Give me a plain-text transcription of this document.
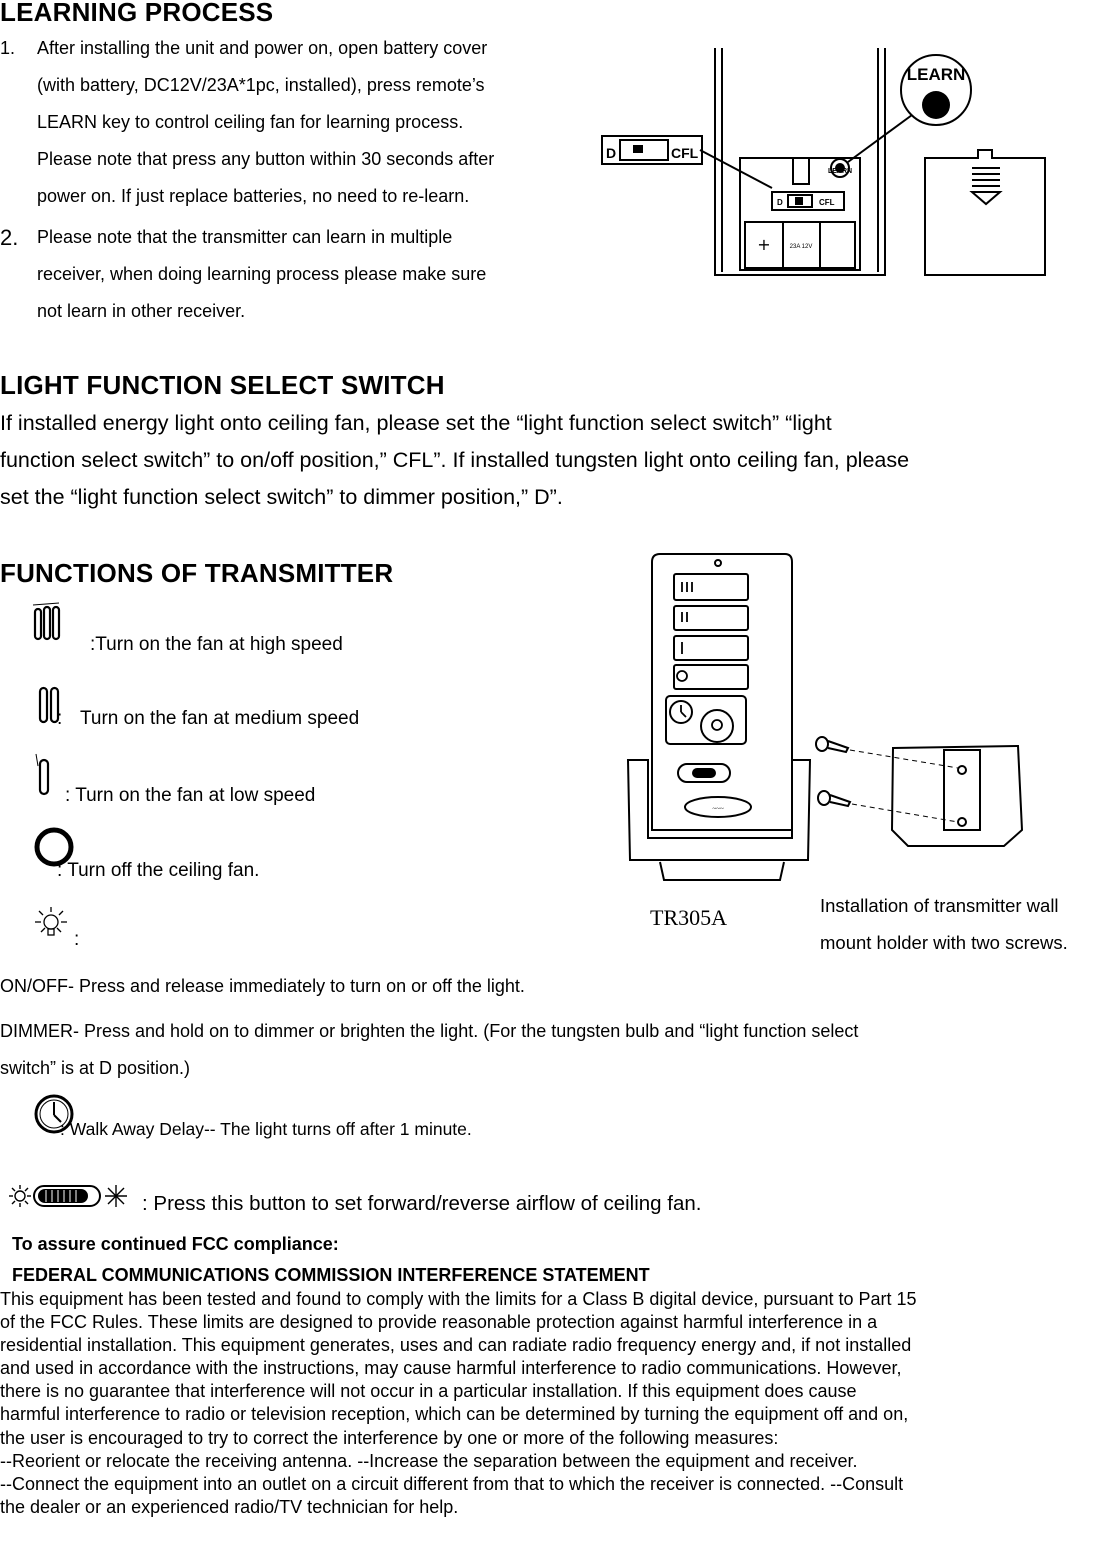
LEARNING PROCESS
1. After installing the unit and power on, open battery cover
(with battery, DC12V/23A*1pc, installed), press remote’s
LEARN key to control ceiling fan for learning process.
Please note that press any button within 30 seconds after
power on. If just replace batteries, no need to re-learn.
2. Please note that the transmitter can learn in multiple
receiver, when doing learning process please make sure
not learn in other receiver.
LEARN
LEARN
D	CFL
D	CFL
23A 12V
+
LIGHT FUNCTION SELECT SWITCH
If installed energy light onto ceiling fan, please set the “light function select switch” “light
function select switch” to on/off position,” CFL”. If installed tungsten light onto ceiling fan, please
set the “light function select switch” to dimmer position,” D”.
FUNCTIONS OF TRANSMITTER
:Turn on the fan at high speed
: Turn on the fan at medium speed
: Turn on the fan at low speed
: Turn off the ceiling fan.
:
~~~
TR305A	Installation of transmitter wall
mount holder with two screws.
ON/OFF- Press and release immediately to turn on or off the light.
DIMMER- Press and hold on to dimmer or brighten the light. (For the tungsten bulb and “light function select
switch” is at D position.)
: Walk Away Delay-- The light turns off after 1 minute.
: Press this button to set forward/reverse airflow of ceiling fan.
To assure continued FCC compliance:
FEDERAL COMMUNICATIONS COMMISSION INTERFERENCE STATEMENT
This equipment has been tested and found to comply with the limits for a Class B digital device, pursuant to Part 15
of the FCC Rules. These limits are designed to provide reasonable protection against harmful interference in a
residential installation. This equipment generates, uses and can radiate radio frequency energy and, if not installed
and used in accordance with the instructions, may cause harmful interference to radio communications. However,
there is no guarantee that interference will not occur in a particular installation. If this equipment does cause
harmful interference to radio or television reception, which can be determined by turning the equipment off and on,
the user is encouraged to try to correct the interference by one or more of the following measures:
--Reorient or relocate the receiving antenna. --Increase the separation between the equipment and receiver.
--Connect the equipment into an outlet on a circuit different from that to which the receiver is connected. --Consult
the dealer or an experienced radio/TV technician for help.
